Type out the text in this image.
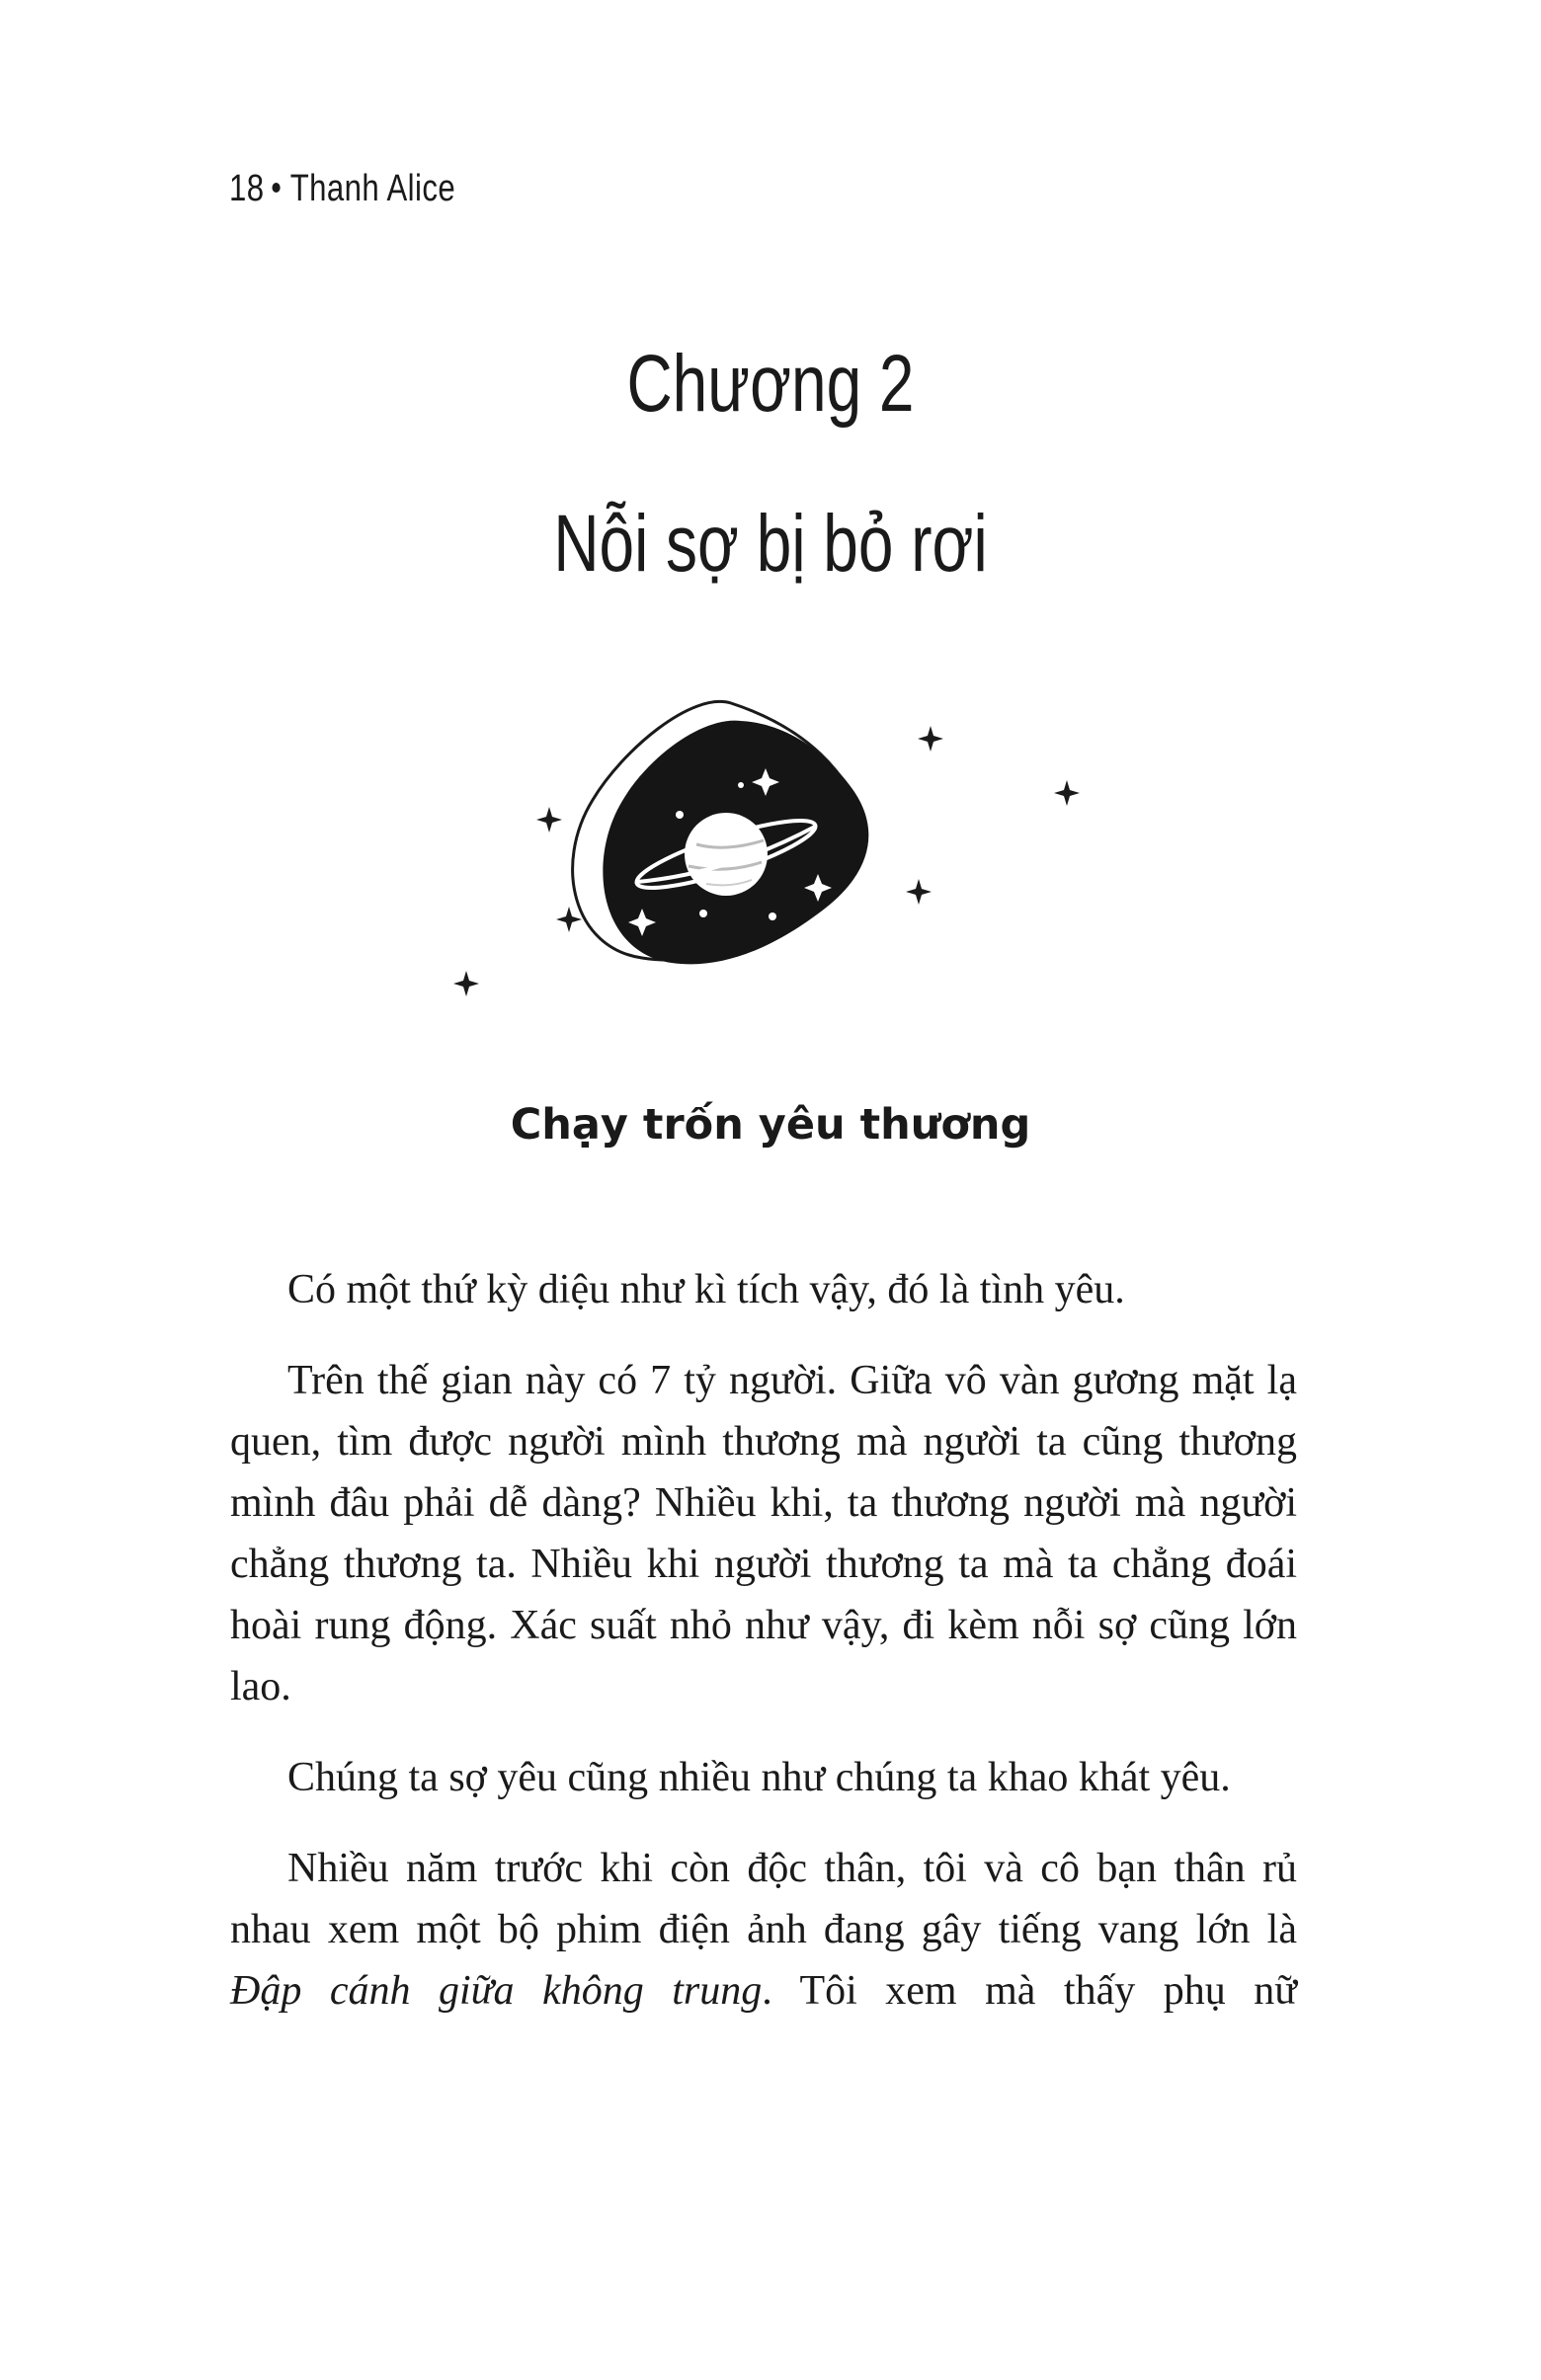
18 Thanh Alice
Chương 2
Nỗi sợ bị bỏ rơi
Chạy trốn yêu thương

Có một thứ kỳ diệu như kì tích vậy, đó là tình yêu.

Trên thế gian này có 7 tỷ người. Giữa vô vàn gương mặt lạ quen, tìm được người mình thương mà người ta cũng thương mình đâu phải dễ dàng? Nhiều khi, ta thương người mà người chẳng thương ta. Nhiều khi người thương ta mà ta chẳng đoái hoài rung động. Xác suất nhỏ như vậy, đi kèm nỗi sợ cũng lớn lao.

Chúng ta sợ yêu cũng nhiều như chúng ta khao khát yêu.

Nhiều năm trước khi còn độc thân, tôi và cô bạn thân rủ nhau xem một bộ phim điện ảnh đang gây tiếng vang lớn là Đập cánh giữa không trung. Tôi xem mà thấy phụ nữ
